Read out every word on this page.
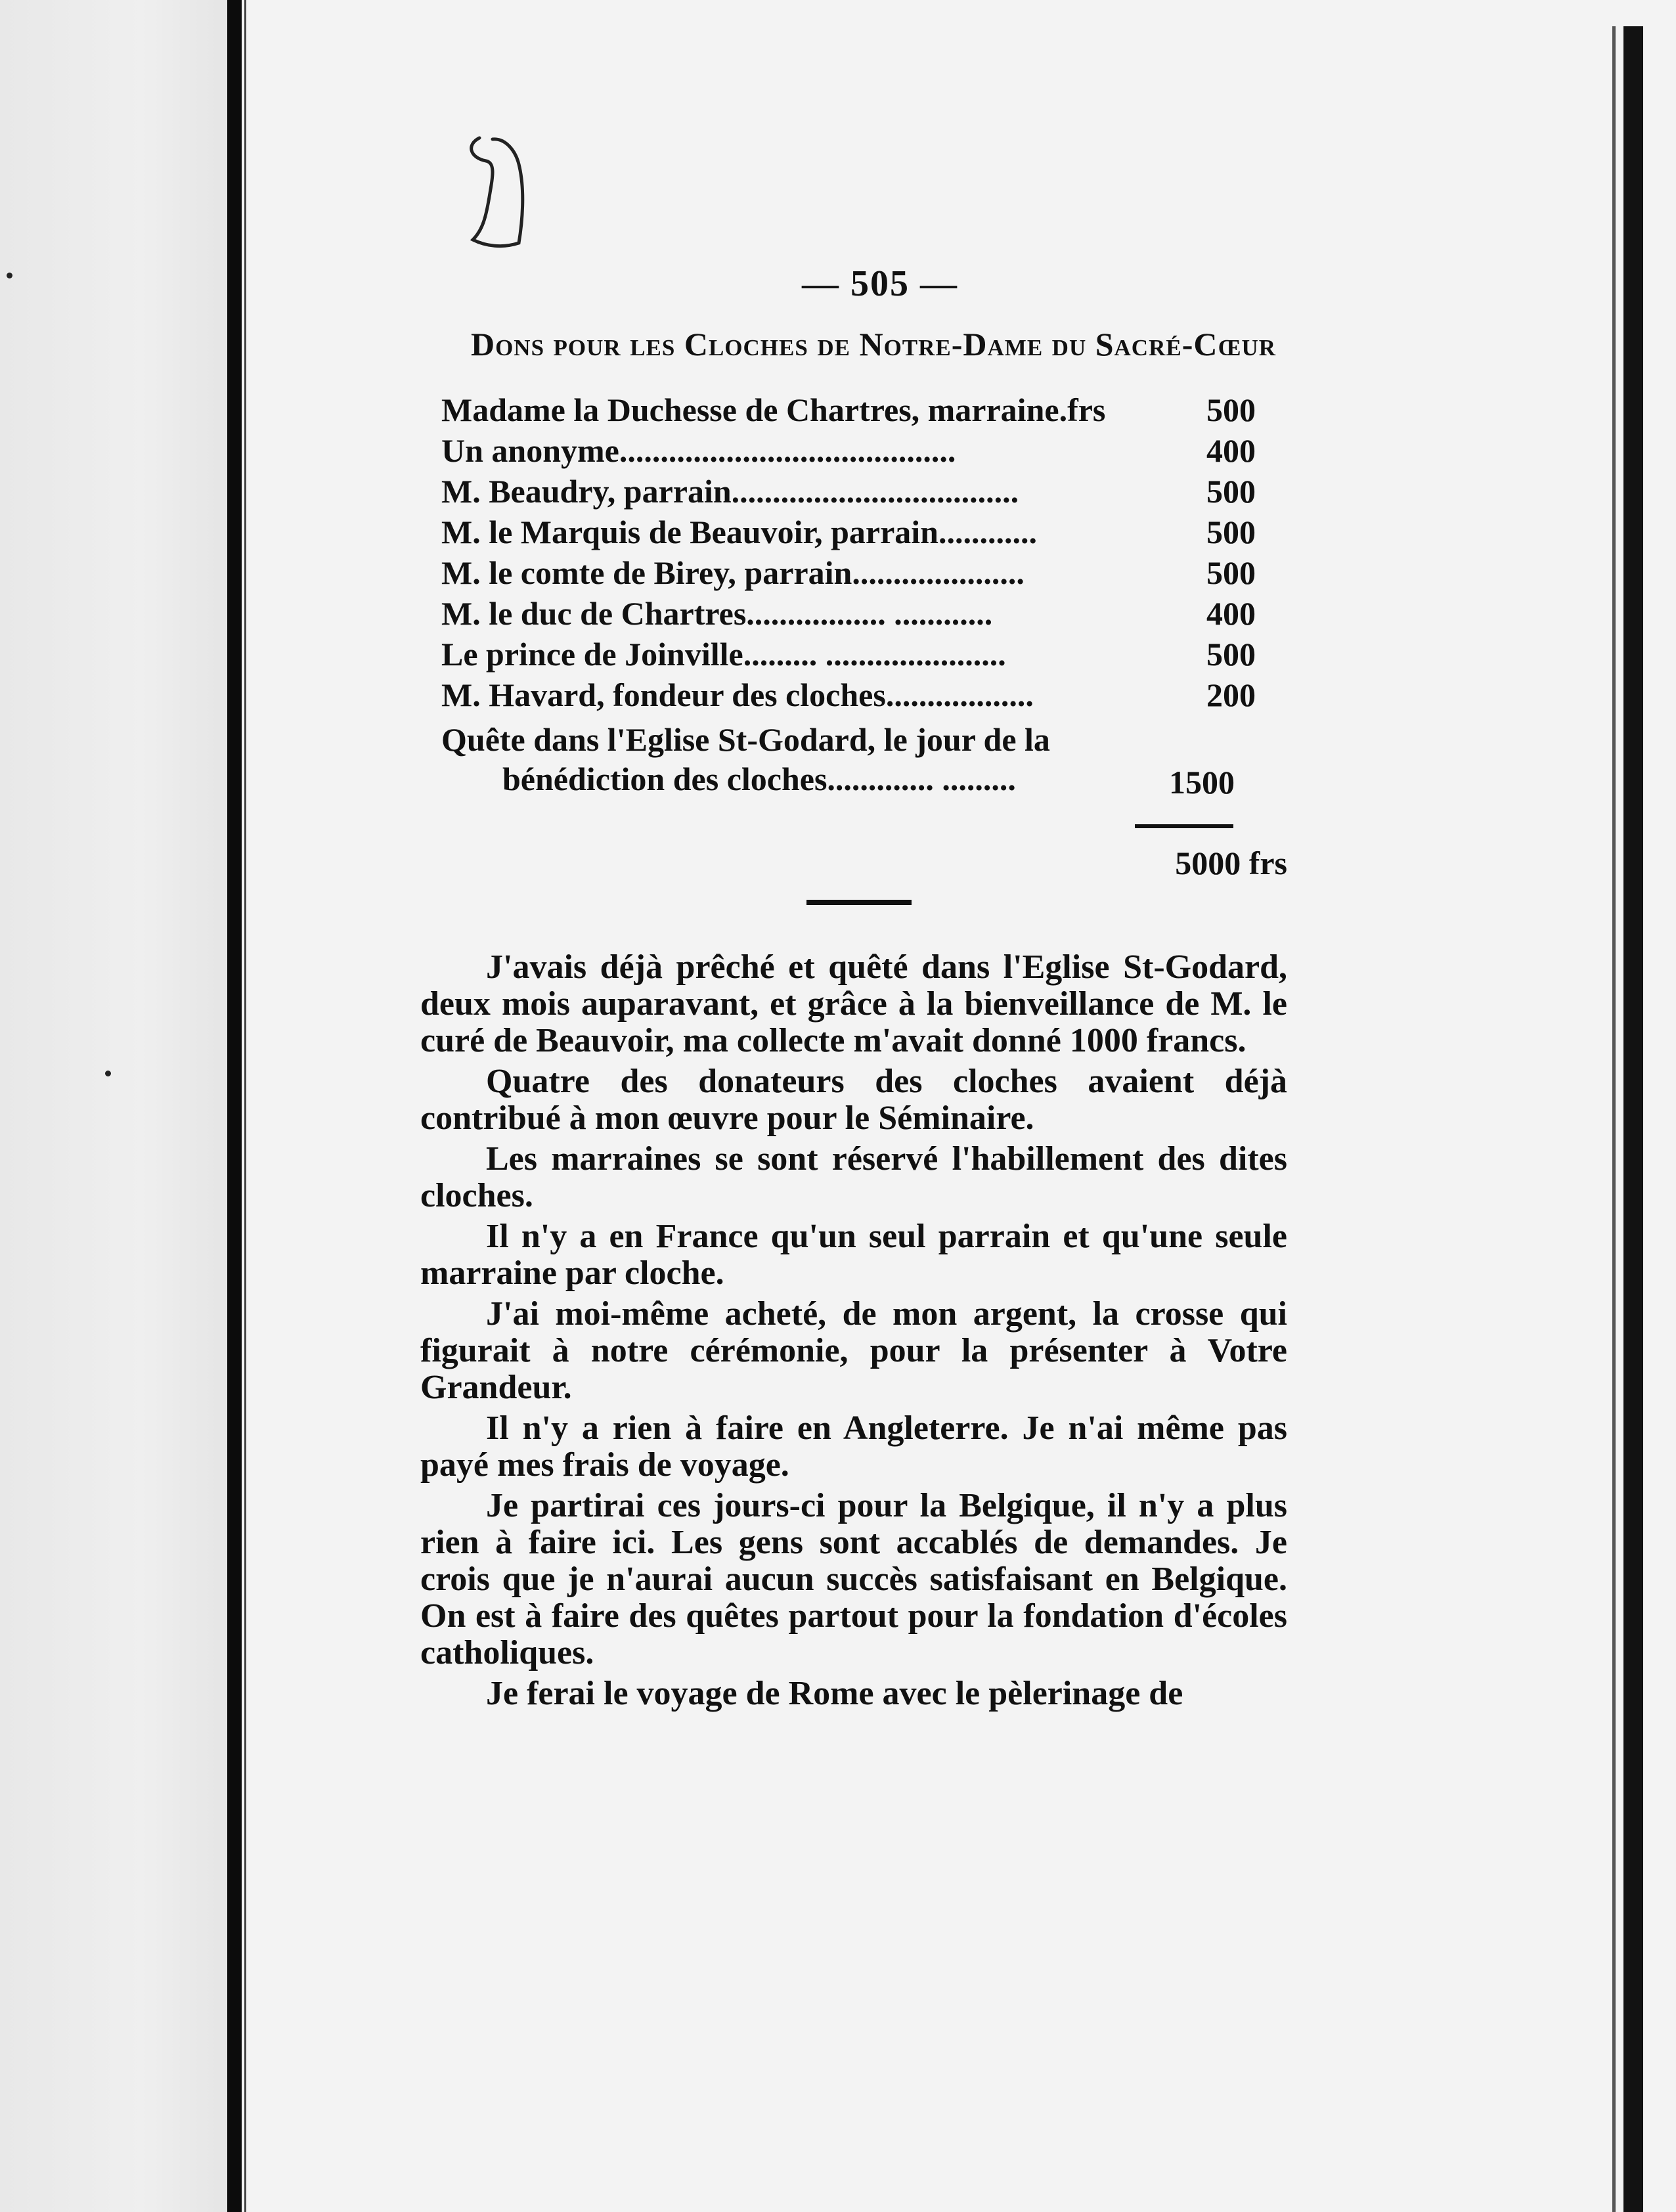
— 505 —
Dons pour les Cloches de Notre-Dame du Sacré-Cœur
Madame la Duchesse de Chartres, marraine.frs	500
Un anonyme.........................................	400
M. Beaudry, parrain...................................	500
M. le Marquis de Beauvoir, parrain............	500
M. le comte de Birey, parrain.....................	500
M. le duc de Chartres................. ............	400
Le prince de Joinville......... ......................	500
M. Havard, fondeur des cloches..................	200
Quête dans l'Eglise St-Godard, le jour de la
bénédiction des cloches............. .........	1500
5000 frs

J'avais déjà prêché et quêté dans l'Eglise St-Godard, deux mois auparavant, et grâce à la bienveillance de M. le curé de Beauvoir, ma collecte m'avait donné 1000 francs.

Quatre des donateurs des cloches avaient déjà contribué à mon œuvre pour le Séminaire.

Les marraines se sont réservé l'habillement des dites cloches.

Il n'y a en France qu'un seul parrain et qu'une seule marraine par cloche.

J'ai moi-même acheté, de mon argent, la crosse qui figurait à notre cérémonie, pour la présenter à Votre Grandeur.

Il n'y a rien à faire en Angleterre. Je n'ai même pas payé mes frais de voyage.

Je partirai ces jours-ci pour la Belgique, il n'y a plus rien à faire ici. Les gens sont accablés de demandes. Je crois que je n'aurai aucun succès satisfaisant en Belgique. On est à faire des quêtes partout pour la fondation d'écoles catholiques.

Je ferai le voyage de Rome avec le pèlerinage de
